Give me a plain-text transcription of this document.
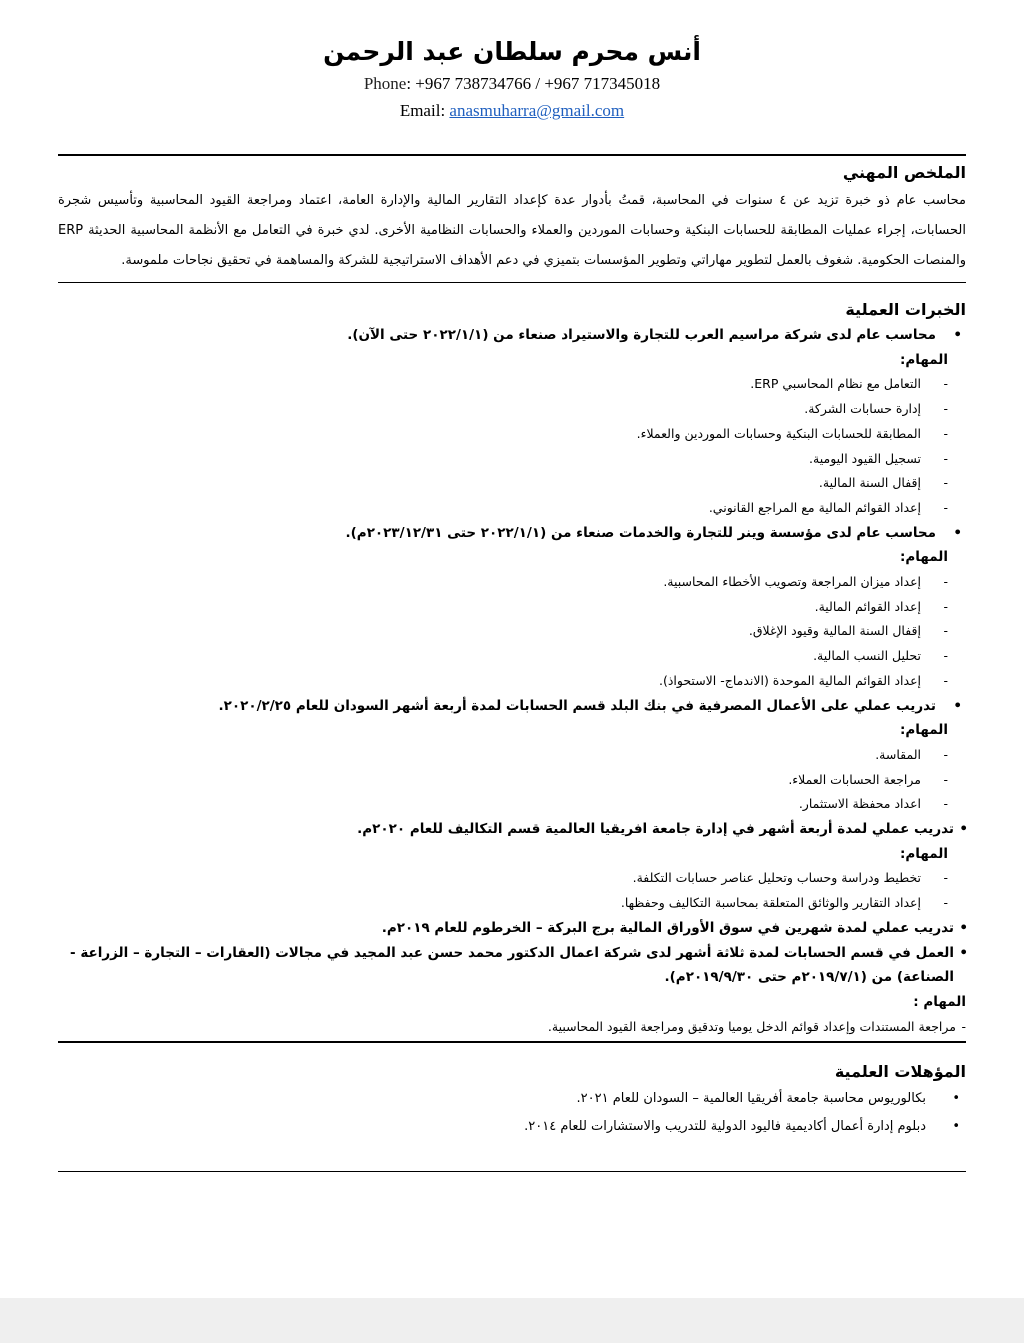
أنس محرم سلطان عبد الرحمن
Phone: +967 738734766 / +967 717345018
Email: anasmuharra@gmail.com
الملخص المهني
محاسب عام ذو خبرة تزيد عن ٤ سنوات في المحاسبة، قمتُ بأدوار عدة كإعداد التقارير المالية والإدارة العامة، اعتماد ومراجعة القيود المحاسبية وتأسيس شجرة الحسابات، إجراء عمليات المطابقة للحسابات البنكية وحسابات الموردين والعملاء والحسابات النظامية الأخرى. لدي خبرة في التعامل مع الأنظمة المحاسبية الحديثة ERP والمنصات الحكومية. شغوف بالعمل لتطوير مهاراتي وتطوير المؤسسات بتميزي في دعم الأهداف الاستراتيجية للشركة والمساهمة في تحقيق نجاحات ملموسة.
الخبرات العملية
• محاسب عام لدى شركة مراسيم العرب للتجارة والاستيراد صنعاء من (٢٠٢٢/١/١ حتى الآن).
المهام:
- التعامل مع نظام المحاسبي ERP.
- إدارة حسابات الشركة.
- المطابقة للحسابات البنكية وحسابات الموردين والعملاء.
- تسجيل القيود اليومية.
- إقفال السنة المالية.
- إعداد القوائم المالية مع المراجع القانوني.
• محاسب عام لدى مؤسسة وينر للتجارة والخدمات صنعاء من (٢٠٢٢/١/١ حتى ٢٠٢٣/١٢/٣١م).
المهام:
- إعداد ميزان المراجعة وتصويب الأخطاء المحاسبية.
- إعداد القوائم المالية.
- إقفال السنة المالية وقيود الإغلاق.
- تحليل النسب المالية.
- إعداد القوائم المالية الموحدة (الاندماج- الاستحواذ).
• تدريب عملي على الأعمال المصرفية في بنك البلد قسم الحسابات لمدة أربعة أشهر السودان للعام ٢٠٢٠/٢/٢٥.
المهام:
- المقاسة.
- مراجعة الحسابات العملاء.
- اعداد محفظة الاستثمار.
• تدريب عملي لمدة أربعة أشهر في إدارة جامعة افريقيا العالمية قسم التكاليف للعام ٢٠٢٠م.
المهام:
- تخطيط ودراسة وحساب وتحليل عناصر حسابات التكلفة.
- إعداد التقارير والوثائق المتعلقة بمحاسبة التكاليف وحفظها.
• تدريب عملي لمدة شهرين في سوق الأوراق المالية برج البركة – الخرطوم للعام ٢٠١٩م.
• العمل في قسم الحسابات لمدة ثلاثة أشهر لدى شركة اعمال الدكتور محمد حسن عبد المجيد في مجالات (العقارات – التجارة – الزراعة - الصناعة) من (٢٠١٩/٧/١م حتى ٢٠١٩/٩/٣٠م).
المهام :
- مراجعة المستندات وإعداد قوائم الدخل يوميا وتدقيق ومراجعة القيود المحاسبية.
المؤهلات العلمية
• بكالوريوس محاسبة جامعة أفريقيا العالمية – السودان للعام ٢٠٢١.
• دبلوم إدارة أعمال أكاديمية فاليود الدولية للتدريب والاستشارات للعام ٢٠١٤.
